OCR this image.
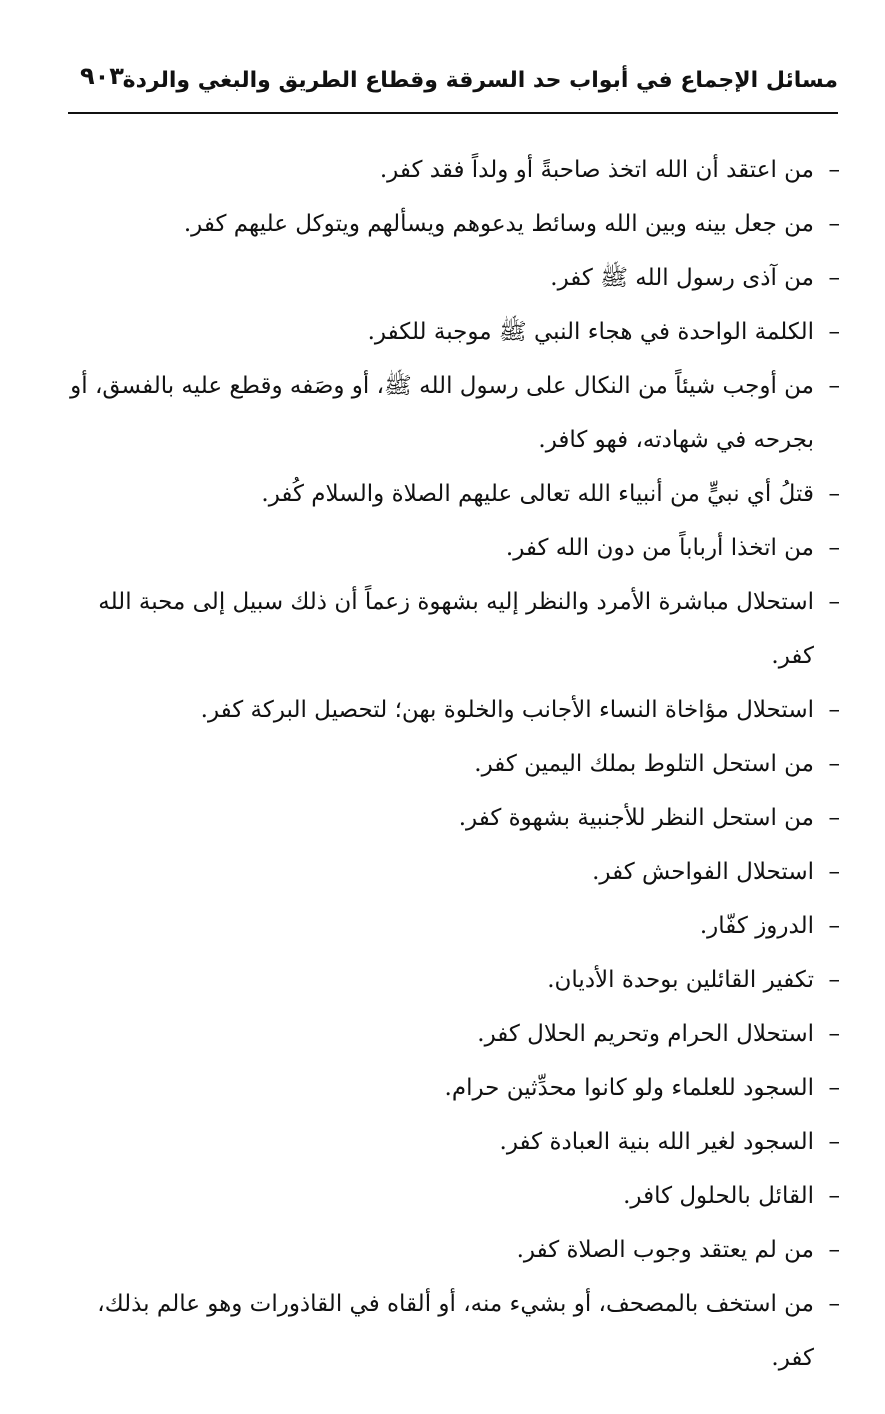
مسائل الإجماع في أبواب حد السرقة وقطاع الطريق والبغي والردة
٩٠٣
– من اعتقد أن الله اتخذ صاحبةً أو ولداً فقد كفر.
– من جعل بينه وبين الله وسائط يدعوهم ويسألهم ويتوكل عليهم كفر.
– من آذى رسول الله ﷺ كفر.
– الكلمة الواحدة في هجاء النبي ﷺ موجبة للكفر.
– من أوجب شيئاً من النكال على رسول الله ﷺ، أو وصَفه وقطع عليه بالفسق، أو بجرحه في شهادته، فهو كافر.
– قتلُ أي نبيٍّ من أنبياء الله تعالى عليهم الصلاة والسلام كُفر.
– من اتخذا أرباباً من دون الله كفر.
– استحلال مباشرة الأمرد والنظر إليه بشهوة زعماً أن ذلك سبيل إلى محبة الله كفر.
– استحلال مؤاخاة النساء الأجانب والخلوة بهن؛ لتحصيل البركة كفر.
– من استحل التلوط بملك اليمين كفر.
– من استحل النظر للأجنبية بشهوة كفر.
– استحلال الفواحش كفر.
– الدروز كفّار.
– تكفير القائلين بوحدة الأديان.
– استحلال الحرام وتحريم الحلال كفر.
– السجود للعلماء ولو كانوا محدِّثين حرام.
– السجود لغير الله بنية العبادة كفر.
– القائل بالحلول كافر.
– من لم يعتقد وجوب الصلاة كفر.
– من استخف بالمصحف، أو بشيء منه، أو ألقاه في القاذورات وهو عالم بذلك، كفر.
